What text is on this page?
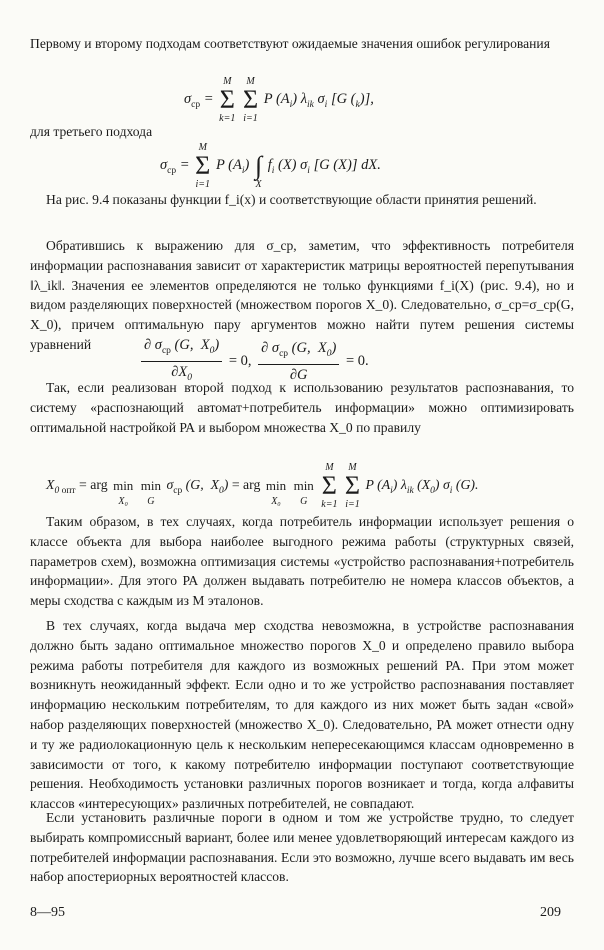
Первому и второму подходам соответствуют ожидаемые значения ошибок регулирования

$\sigma_{ср}$ =
M
Σ
k=1

M
Σ
i=1
P $(A_i)$ $\lambda_{ik}$ $\sigma_i$ [G $(_k)$],

для третьего подхода

$\sigma_{ср}$ =
M
Σ
i=1
P $(A_i)$

∫
X
$f_i$ (X) $\sigma_i$ [G (X)] dX.

На рис. 9.4 показаны функции f_i(x) и соответствующие области принятия решений.

Обратившись к выражению для σ_ср, заметим, что эффективность потребителя информации распознавания зависит от характеристик матрицы вероятностей перепутывания ‖λ_ik‖. Значения ее элементов определяются не только функциями f_i(X) (рис. 9.4), но и видом разделяющих поверхностей (множеством порогов X_0). Следовательно, σ_ср=σ_ср(G, X_0), причем оптимальную пару аргументов можно найти путем решения системы уравнений	$\frac{\partial \sigma_{ср} (G, X_0)}{\partial X_0} = 0$, $\frac{\partial \sigma_{ср} (G, X_0)}{\partial G} = 0$.

Так, если реализован второй подход к использованию результатов распознавания, то систему «распознающий автомат+потребитель информации» можно оптимизировать оптимальной настройкой РА и выбором множества X_0 по правилу

$X_{0 опт}$ = arg
min
X₀

min
G
$\sigma_{ср}$ (G,  $X_0$) = arg
min
X₀

min
G

M
Σ
k=1

M
Σ
i=1
P $(A_i)$ $\lambda_{ik}$ $(X_0)$ $\sigma_i$ (G).

Таким образом, в тех случаях, когда потребитель информации использует решения о классе объекта для выбора наиболее выгодного режима работы (структурных связей, параметров схем), возможна оптимизация системы «устройство распознавания+потребитель информации». Для этого РА должен выдавать потребителю не номера классов объектов, а меры сходства с каждым из M эталонов.

В тех случаях, когда выдача мер сходства невозможна, в устройстве распознавания должно быть задано оптимальное множество порогов X_0 и определено правило выбора режима работы потребителя для каждого из возможных решений РА. При этом может возникнуть неожиданный эффект. Если одно и то же устройство распознавания поставляет информацию нескольким потребителям, то для каждого из них может быть задан «свой» набор разделяющих поверхностей (множество X_0). Следовательно, РА может отнести одну и ту же радиолокационную цель к нескольким непересекающимся классам одновременно в зависимости от того, к какому потребителю информации поступают соответствующие решения. Необходимость установки различных порогов возникает и тогда, когда алфавиты классов «интересующих» различных потребителей, не совпадают.

Если установить различные пороги в одном и том же устройстве трудно, то следует выбирать компромиссный вариант, более или менее удовлетворяющий интересам каждого из потребителей информации распознавания. Если это возможно, лучше всего выдавать им весь набор апостериорных вероятностей классов.

8—95	209
